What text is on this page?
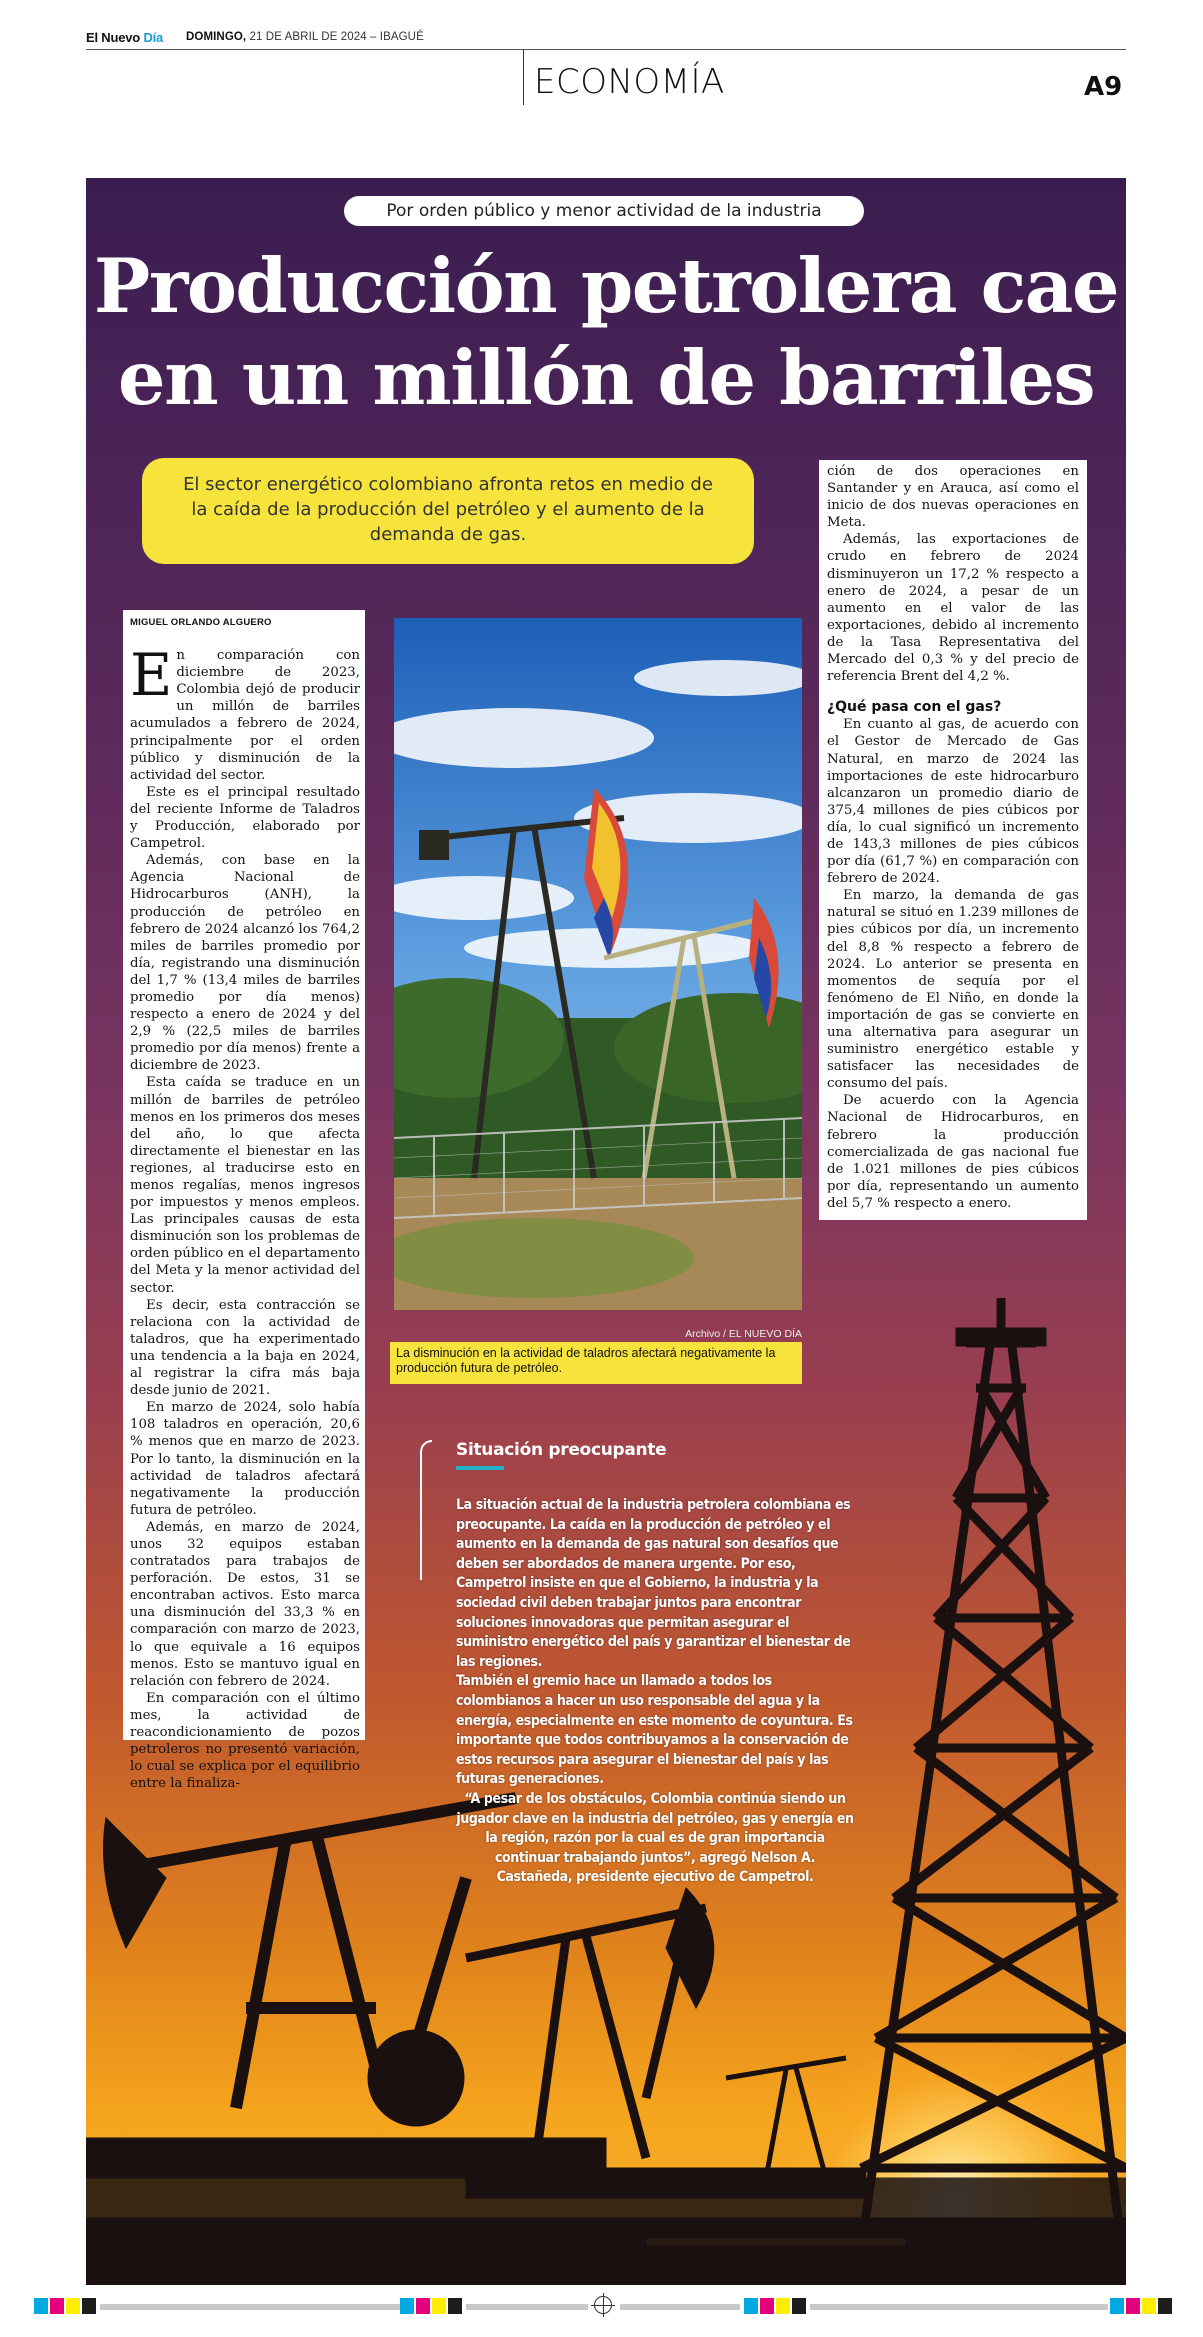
El Nuevo Día DOMINGO, 21 DE ABRIL DE 2024 – IBAGUÉ
ECONOMÍA	A9
Por orden público y menor actividad de la industria
Producción petrolera cae
en un millón de barriles
El sector energético colombiano afronta retos en medio de la caída de la producción del petróleo y el aumento de la demanda de gas.
MIGUEL ORLANDO ALGUERO

En comparación con diciembre de 2023, Colombia dejó de producir un millón de barriles acumulados a febrero de 2024, principalmente por el orden público y disminución de la actividad del sector.

Este es el principal resultado del reciente Informe de Taladros y Producción, elaborado por Campetrol.

Además, con base en la Agencia Nacional de Hidrocarburos (ANH), la producción de petróleo en febrero de 2024 alcanzó los 764,2 miles de barriles promedio por día, registrando una disminución del 1,7 % (13,4 miles de barriles promedio por día menos) respecto a enero de 2024 y del 2,9 % (22,5 miles de barriles promedio por día menos) frente a diciembre de 2023.

Esta caída se traduce en un millón de barriles de petróleo menos en los primeros dos meses del año, lo que afecta directamente el bienestar en las regiones, al traducirse esto en menos regalías, menos ingresos por impuestos y menos empleos. Las principales causas de esta disminución son los problemas de orden público en el departamento del Meta y la menor actividad del sector.

Es decir, esta contracción se relaciona con la actividad de taladros, que ha experimentado una tendencia a la baja en 2024, al registrar la cifra más baja desde junio de 2021.

En marzo de 2024, solo había 108 taladros en operación, 20,6 % menos que en marzo de 2023. Por lo tanto, la disminución en la actividad de taladros afectará negativamente la producción futura de petróleo.

Además, en marzo de 2024, unos 32 equipos estaban contratados para trabajos de perforación. De estos, 31 se encontraban activos. Esto marca una disminución del 33,3 % en comparación con marzo de 2023, lo que equivale a 16 equipos menos. Esto se mantuvo igual en relación con febrero de 2024.

En comparación con el último mes, la actividad de reacondicionamiento de pozos petroleros no presentó variación, lo cual se explica por el equilibrio entre la finaliza-

Archivo / EL NUEVO DÍA
La disminución en la actividad de taladros afectará negativamente la producción futura de petróleo.

ción de dos operaciones en Santander y en Arauca, así como el inicio de dos nuevas operaciones en Meta.

Además, las exportaciones de crudo en febrero de 2024 disminuyeron un 17,2 % respecto a enero de 2024, a pesar de un aumento en el valor de las exportaciones, debido al incremento de la Tasa Representativa del Mercado del 0,3 % y del precio de referencia Brent del 4,2 %.

¿Qué pasa con el gas?

En cuanto al gas, de acuerdo con el Gestor de Mercado de Gas Natural, en marzo de 2024 las importaciones de este hidrocarburo alcanzaron un promedio diario de 375,4 millones de pies cúbicos por día, lo cual significó un incremento de 143,3 millones de pies cúbicos por día (61,7 %) en comparación con febrero de 2024.

En marzo, la demanda de gas natural se situó en 1.239 millones de pies cúbicos por día, un incremento del 8,8 % respecto a febrero de 2024. Lo anterior se presenta en momentos de sequía por el fenómeno de El Niño, en donde la importación de gas se convierte en una alternativa para asegurar un suministro energético estable y satisfacer las necesidades de consumo del país.

De acuerdo con la Agencia Nacional de Hidrocarburos, en febrero la producción comercializada de gas nacional fue de 1.021 millones de pies cúbicos por día, representando un aumento del 5,7 % respecto a enero.

Situación preocupante

La situación actual de la industria petrolera colombiana es preocupante. La caída en la producción de petróleo y el aumento en la demanda de gas natural son desafíos que deben ser abordados de manera urgente. Por eso, Campetrol insiste en que el Gobierno, la industria y la sociedad civil deben trabajar juntos para encontrar soluciones innovadoras que permitan asegurar el suministro energético del país y garantizar el bienestar de las regiones.

También el gremio hace un llamado a todos los colombianos a hacer un uso responsable del agua y la energía, especialmente en este momento de coyuntura. Es importante que todos contribuyamos a la conservación de estos recursos para asegurar el bienestar del país y las futuras generaciones.

“A pesar de los obstáculos, Colombia continúa siendo un jugador clave en la industria del petróleo, gas y energía en la región, razón por la cual es de gran importancia continuar trabajando juntos”, agregó Nelson A. Castañeda, presidente ejecutivo de Campetrol.
